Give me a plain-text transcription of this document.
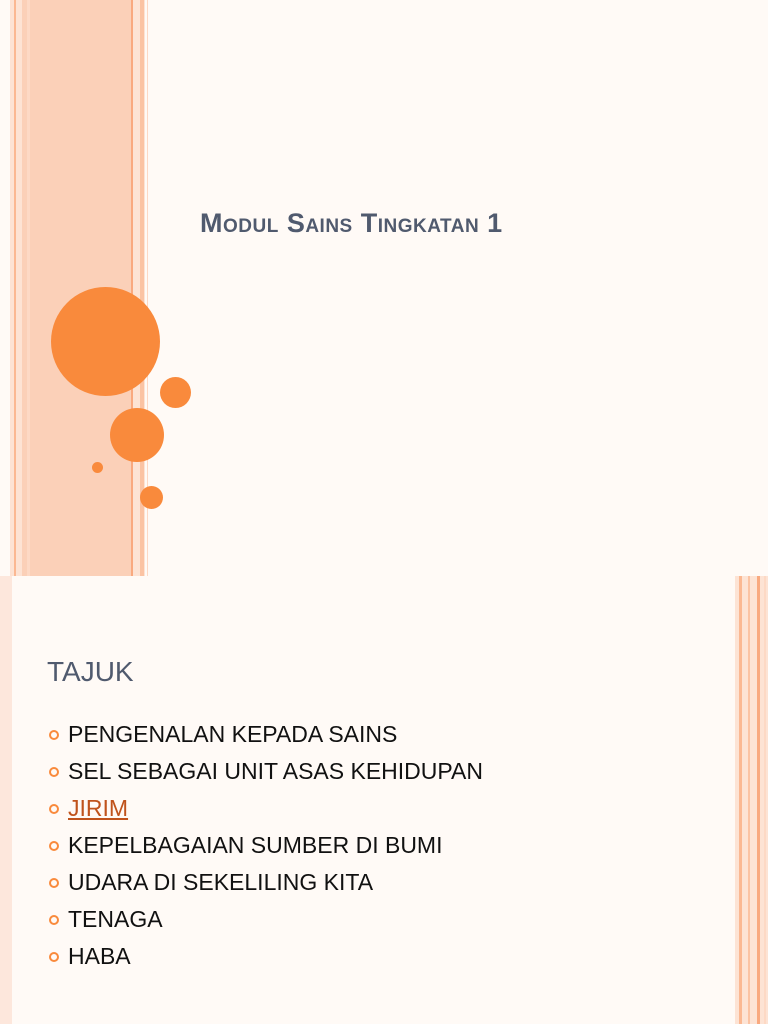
Modul Sains Tingkatan 1
TAJUK
PENGENALAN KEPADA SAINS
SEL SEBAGAI UNIT ASAS KEHIDUPAN
JIRIM
KEPELBAGAIAN SUMBER DI BUMI
UDARA DI SEKELILING KITA
TENAGA
HABA
